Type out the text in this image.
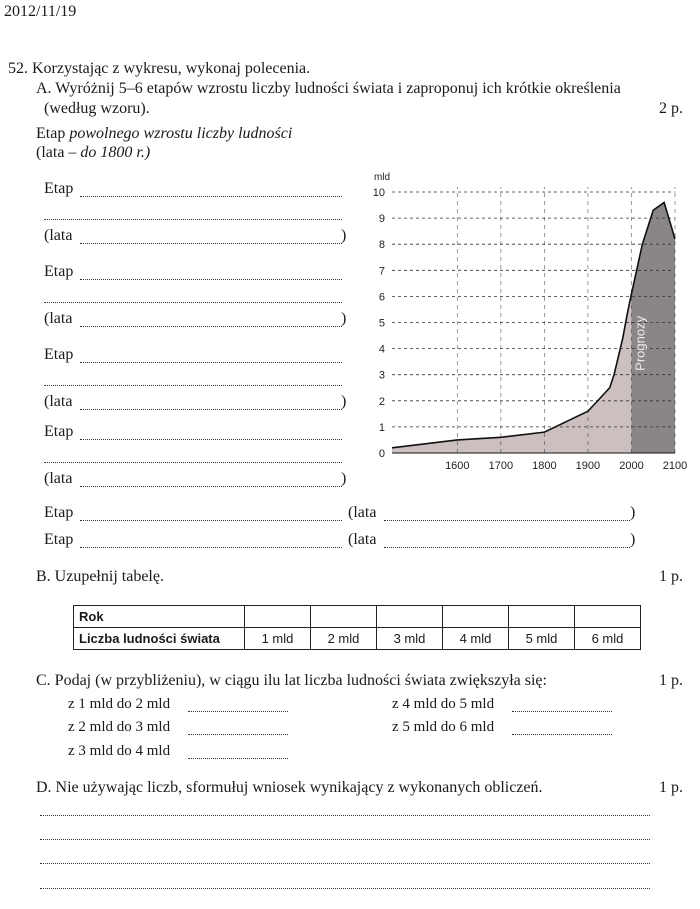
2012/11/19
52. Korzystając z wykresu, wykonaj polecenia.
A. Wyróżnij 5–6 etapów wzrostu liczby ludności świata i zaproponuj ich krótkie określenia
(według wzoru).	2 p.
Etap powolnego wzrostu liczby ludności
(lata – do 1800 r.)
Etap
(lata	)
Etap
(lata	)
Etap
(lata	)
Etap
(lata	)
Etap	(lata	)
Etap	(lata	)
0
1
2
3
4
5
6
7
8
9
10
1600 1700 1800 1900 2000 2100
mld
Prognozy
B. Uzupełnij tabelę.	1 p.
Rok						
Liczba ludności świata	1 mld	2 mld	3 mld	4 mld	5 mld	6 mld
C. Podaj (w przybliżeniu), w ciągu ilu lat liczba ludności świata zwiększyła się:	1 p.
z 1 mld do 2 mld
z 2 mld do 3 mld
z 3 mld do 4 mld
z 4 mld do 5 mld
z 5 mld do 6 mld
D. Nie używając liczb, sformułuj wniosek wynikający z wykonanych obliczeń.	1 p.
